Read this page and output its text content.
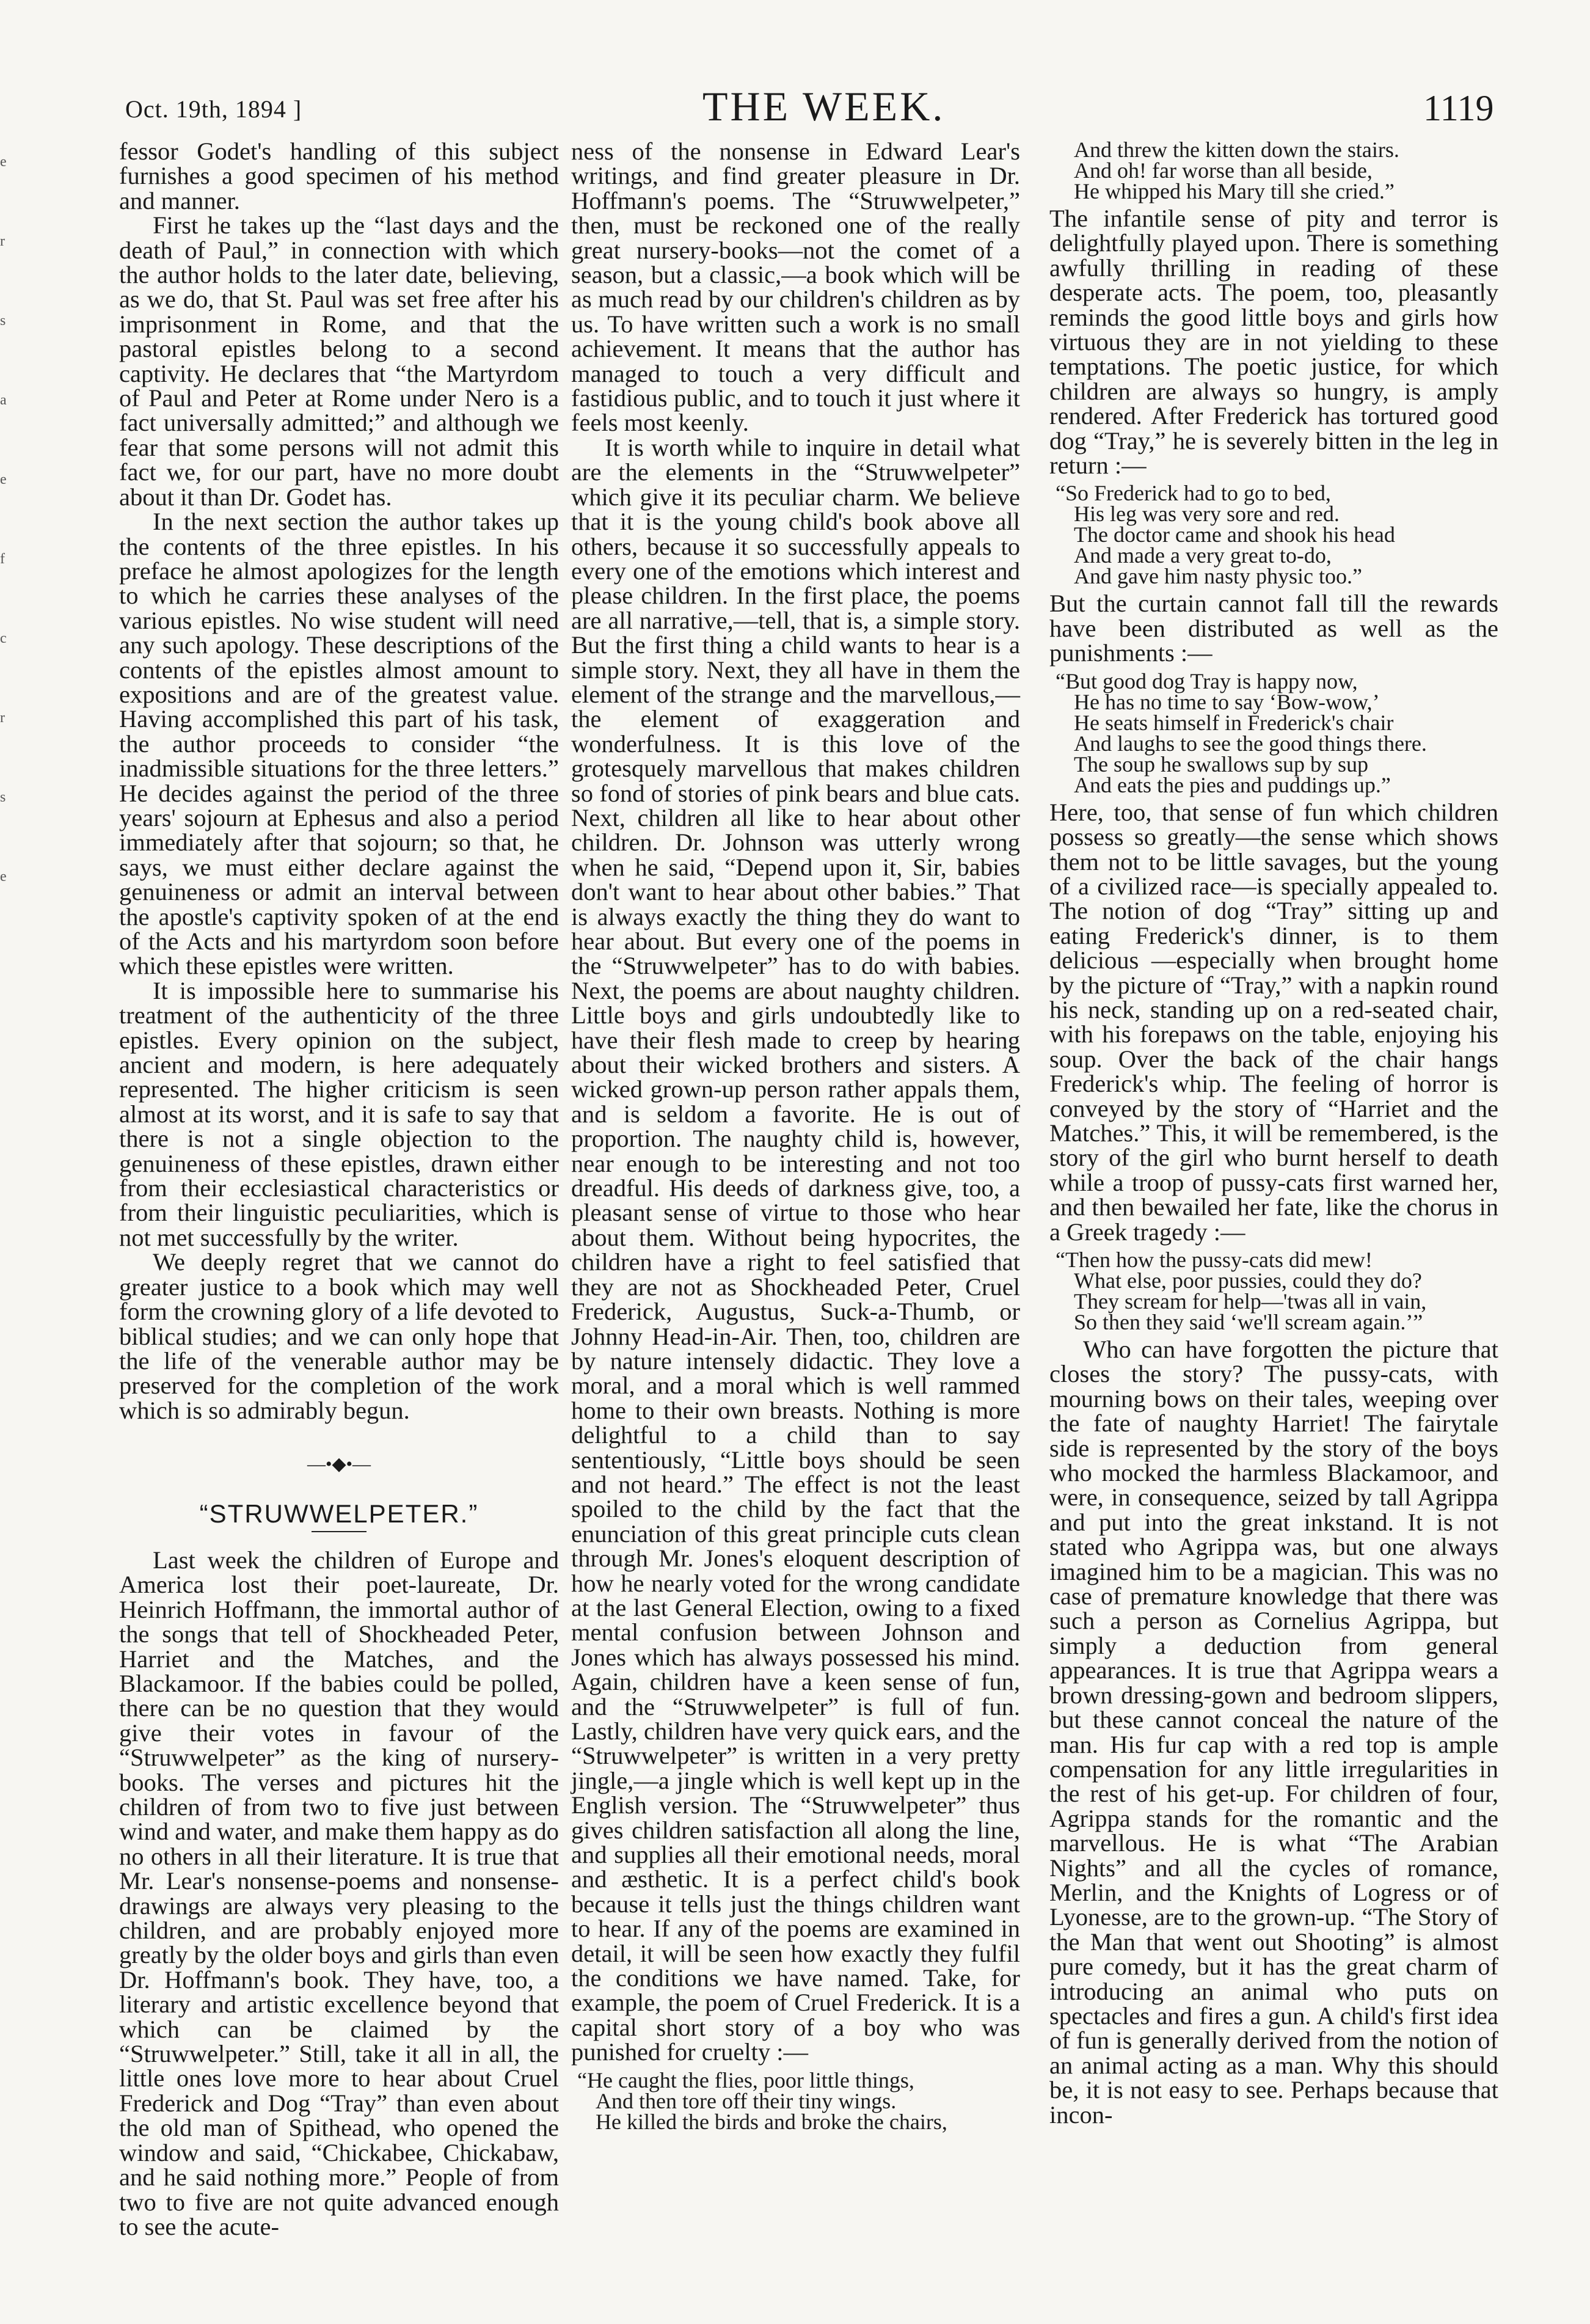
e
r
s
a
e
f
c
r
s
e
Oct. 19th, 1894 ]	THE WEEK.	1119

fessor Godet's handling of this subject furnishes a good specimen of his method and manner.

First he takes up the “last days and the death of Paul,” in connection with which the author holds to the later date, believing, as we do, that St. Paul was set free after his imprisonment in Rome, and that the pastoral epistles belong to a second captivity. He declares that “the Martyrdom of Paul and Peter at Rome under Nero is a fact universally admitted;” and although we fear that some persons will not admit this fact we, for our part, have no more doubt about it than Dr. Godet has.

In the next section the author takes up the contents of the three epistles. In his preface he almost apologizes for the length to which he carries these analyses of the various epistles. No wise student will need any such apology. These descriptions of the contents of the epistles almost amount to expositions and are of the greatest value. Having accomplished this part of his task, the author proceeds to consider “the inadmissible situations for the three letters.” He decides against the period of the three years' sojourn at Ephesus and also a period immediately after that sojourn; so that, he says, we must either declare against the genuineness or admit an interval between the apostle's captivity spoken of at the end of the Acts and his martyrdom soon before which these epistles were written.

It is impossible here to summarise his treatment of the authenticity of the three epistles. Every opinion on the subject, ancient and modern, is here adequately represented. The higher criticism is seen almost at its worst, and it is safe to say that there is not a single objection to the genuineness of these epistles, drawn either from their ecclesiastical characteristics or from their linguistic peculiarities, which is not met successfully by the writer.

We deeply regret that we cannot do greater justice to a book which may well form the crowning glory of a life devoted to biblical studies; and we can only hope that the life of the venerable author may be preserved for the completion of the work which is so admirably begun.

—•◆•—
“STRUWWELPETER.”

Last week the children of Europe and America lost their poet-laureate, Dr. Heinrich Hoffmann, the immortal author of the songs that tell of Shockheaded Peter, Harriet and the Matches, and the Blackamoor. If the babies could be polled, there can be no question that they would give their votes in favour of the “Struwwelpeter” as the king of nursery-books. The verses and pictures hit the children of from two to five just between wind and water, and make them happy as do no others in all their literature. It is true that Mr. Lear's nonsense-poems and nonsense-drawings are always very pleasing to the children, and are probably enjoyed more greatly by the older boys and girls than even Dr. Hoffmann's book. They have, too, a literary and artistic excellence beyond that which can be claimed by the “Struwwelpeter.” Still, take it all in all, the little ones love more to hear about Cruel Frederick and Dog “Tray” than even about the old man of Spithead, who opened the window and said, “Chickabee, Chickabaw, and he said nothing more.” People of from two to five are not quite advanced enough to see the acute-

ness of the nonsense in Edward Lear's writings, and find greater pleasure in Dr. Hoffmann's poems. The “Struwwelpeter,” then, must be reckoned one of the really great nursery-books—not the comet of a season, but a classic,—a book which will be as much read by our children's children as by us. To have written such a work is no small achievement. It means that the author has managed to touch a very difficult and fastidious public, and to touch it just where it feels most keenly.

It is worth while to inquire in detail what are the elements in the “Struwwelpeter” which give it its peculiar charm. We believe that it is the young child's book above all others, because it so successfully appeals to every one of the emotions which interest and please children. In the first place, the poems are all narrative,—tell, that is, a simple story. But the first thing a child wants to hear is a simple story. Next, they all have in them the element of the strange and the marvellous,—the element of exaggeration and wonderfulness. It is this love of the grotesquely marvellous that makes children so fond of stories of pink bears and blue cats. Next, children all like to hear about other children. Dr. Johnson was utterly wrong when he said, “Depend upon it, Sir, babies don't want to hear about other babies.” That is always exactly the thing they do want to hear about. But every one of the poems in the “Struwwelpeter” has to do with babies. Next, the poems are about naughty children. Little boys and girls undoubtedly like to have their flesh made to creep by hearing about their wicked brothers and sisters. A wicked grown-up person rather appals them, and is seldom a favorite. He is out of proportion. The naughty child is, however, near enough to be interesting and not too dreadful. His deeds of darkness give, too, a pleasant sense of virtue to those who hear about them. Without being hypocrites, the children have a right to feel satisfied that they are not as Shockheaded Peter, Cruel Frederick, Augustus, Suck-a-Thumb, or Johnny Head-in-Air. Then, too, children are by nature intensely didactic. They love a moral, and a moral which is well rammed home to their own breasts. Nothing is more delightful to a child than to say sententiously, “Little boys should be seen and not heard.” The effect is not the least spoiled to the child by the fact that the enunciation of this great principle cuts clean through Mr. Jones's eloquent description of how he nearly voted for the wrong candidate at the last General Election, owing to a fixed mental confusion between Johnson and Jones which has always possessed his mind. Again, children have a keen sense of fun, and the “Struwwelpeter” is full of fun. Lastly, children have very quick ears, and the “Struwwelpeter” is written in a very pretty jingle,—a jingle which is well kept up in the English version. The “Struwwelpeter” thus gives children satisfaction all along the line, and supplies all their emotional needs, moral and æsthetic. It is a perfect child's book because it tells just the things children want to hear. If any of the poems are examined in detail, it will be seen how exactly they fulfil the conditions we have named. Take, for example, the poem of Cruel Frederick. It is a capital short story of a boy who was punished for cruelty :—

“He caught the flies, poor little things,
And then tore off their tiny wings.
He killed the birds and broke the chairs,
And threw the kitten down the stairs.
And oh! far worse than all beside,
He whipped his Mary till she cried.”

The infantile sense of pity and terror is delightfully played upon. There is something awfully thrilling in reading of these desperate acts. The poem, too, pleasantly reminds the good little boys and girls how virtuous they are in not yielding to these temptations. The poetic justice, for which children are always so hungry, is amply rendered. After Frederick has tortured good dog “Tray,” he is severely bitten in the leg in return :—

“So Frederick had to go to bed,
His leg was very sore and red.
The doctor came and shook his head
And made a very great to-do,
And gave him nasty physic too.”

But the curtain cannot fall till the rewards have been distributed as well as the punishments :—

“But good dog Tray is happy now,
He has no time to say ‘Bow-wow,’
He seats himself in Frederick's chair
And laughs to see the good things there.
The soup he swallows sup by sup
And eats the pies and puddings up.”

Here, too, that sense of fun which children possess so greatly—the sense which shows them not to be little savages, but the young of a civilized race—is specially appealed to. The notion of dog “Tray” sitting up and eating Frederick's dinner, is to them delicious —especially when brought home by the picture of “Tray,” with a napkin round his neck, standing up on a red-seated chair, with his forepaws on the table, enjoying his soup. Over the back of the chair hangs Frederick's whip. The feeling of horror is conveyed by the story of “Harriet and the Matches.” This, it will be remembered, is the story of the girl who burnt herself to death while a troop of pussy-cats first warned her, and then bewailed her fate, like the chorus in a Greek tragedy :—

“Then how the pussy-cats did mew!
What else, poor pussies, could they do?
They scream for help—'twas all in vain,
So then they said ‘we'll scream again.’”

Who can have forgotten the picture that closes the story? The pussy-cats, with mourning bows on their tales, weeping over the fate of naughty Harriet! The fairytale side is represented by the story of the boys who mocked the harmless Blackamoor, and were, in consequence, seized by tall Agrippa and put into the great inkstand. It is not stated who Agrippa was, but one always imagined him to be a magician. This was no case of premature knowledge that there was such a person as Cornelius Agrippa, but simply a deduction from general appearances. It is true that Agrippa wears a brown dressing-gown and bedroom slippers, but these cannot conceal the nature of the man. His fur cap with a red top is ample compensation for any little irregularities in the rest of his get-up. For children of four, Agrippa stands for the romantic and the marvellous. He is what “The Arabian Nights” and all the cycles of romance, Merlin, and the Knights of Logress or of Lyonesse, are to the grown-up. “The Story of the Man that went out Shooting” is almost pure comedy, but it has the great charm of introducing an animal who puts on spectacles and fires a gun. A child's first idea of fun is generally derived from the notion of an animal acting as a man. Why this should be, it is not easy to see. Perhaps because that incon-
